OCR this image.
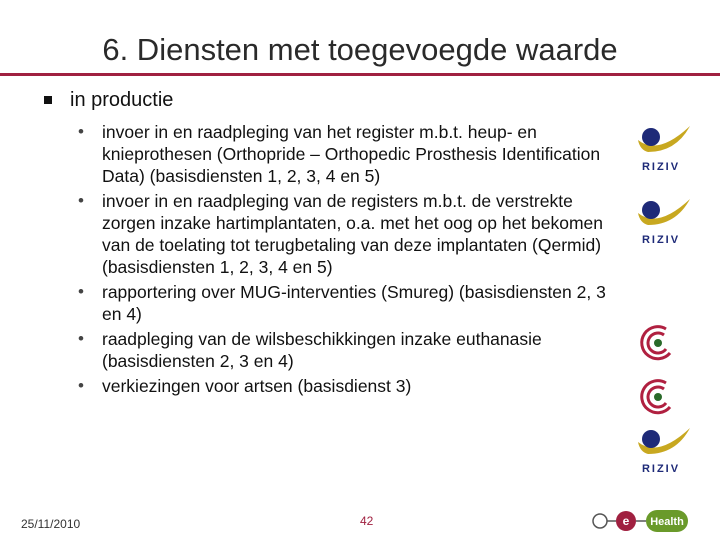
6. Diensten met toegevoegde waarde
in productie
• invoer in en raadpleging van het register m.b.t. heup- en knieprothesen (Orthopride – Orthopedic Prosthesis Identification Data) (basisdiensten 1, 2, 3, 4 en 5)
• invoer in en raadpleging van de registers m.b.t. de verstrekte zorgen inzake hartimplantaten, o.a. met het oog op het bekomen van de toelating tot terugbetaling van deze implantaten (Qermid) (basisdiensten 1, 2, 3, 4 en 5)
• rapportering over MUG-interventies (Smureg) (basisdiensten 2, 3 en 4)
• raadpleging van de wilsbeschikkingen inzake euthanasie (basisdiensten 2, 3 en 4)
• verkiezingen voor artsen (basisdienst 3)
RIZIV
RIZIV
RIZIV
25/11/2010	42	e Health
